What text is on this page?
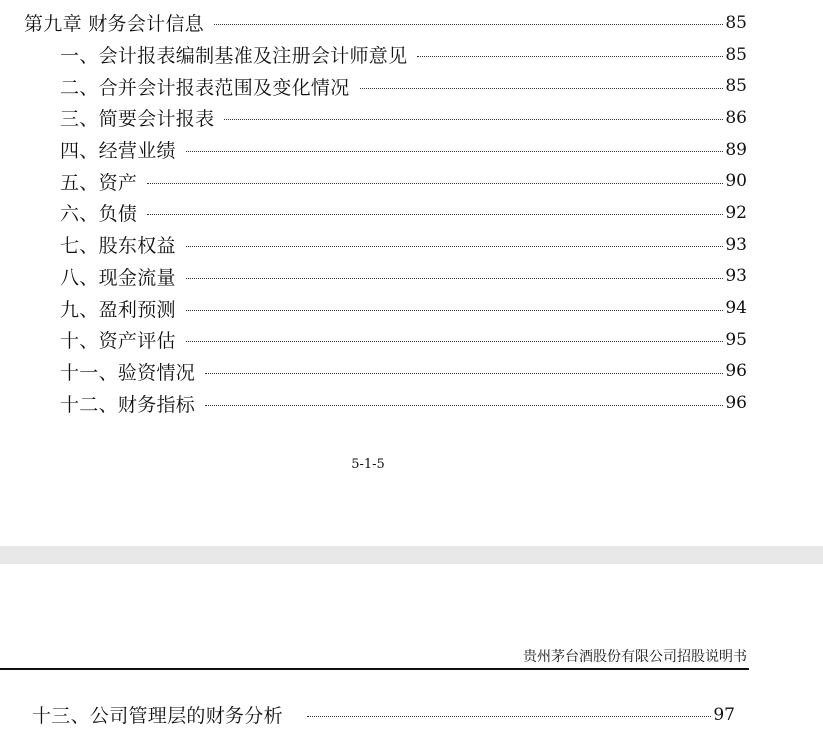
第九章 财务会计信息	85
一、会计报表编制基准及注册会计师意见	85
二、合并会计报表范围及变化情况	85
三、简要会计报表	86
四、经营业绩	89
五、资产	90
六、负债	92
七、股东权益	93
八、现金流量	93
九、盈利预测	94
十、资产评估	95
十一、验资情况	96
十二、财务指标	96
5-1-5
贵州茅台酒股份有限公司招股说明书
十三、公司管理层的财务分析	97
